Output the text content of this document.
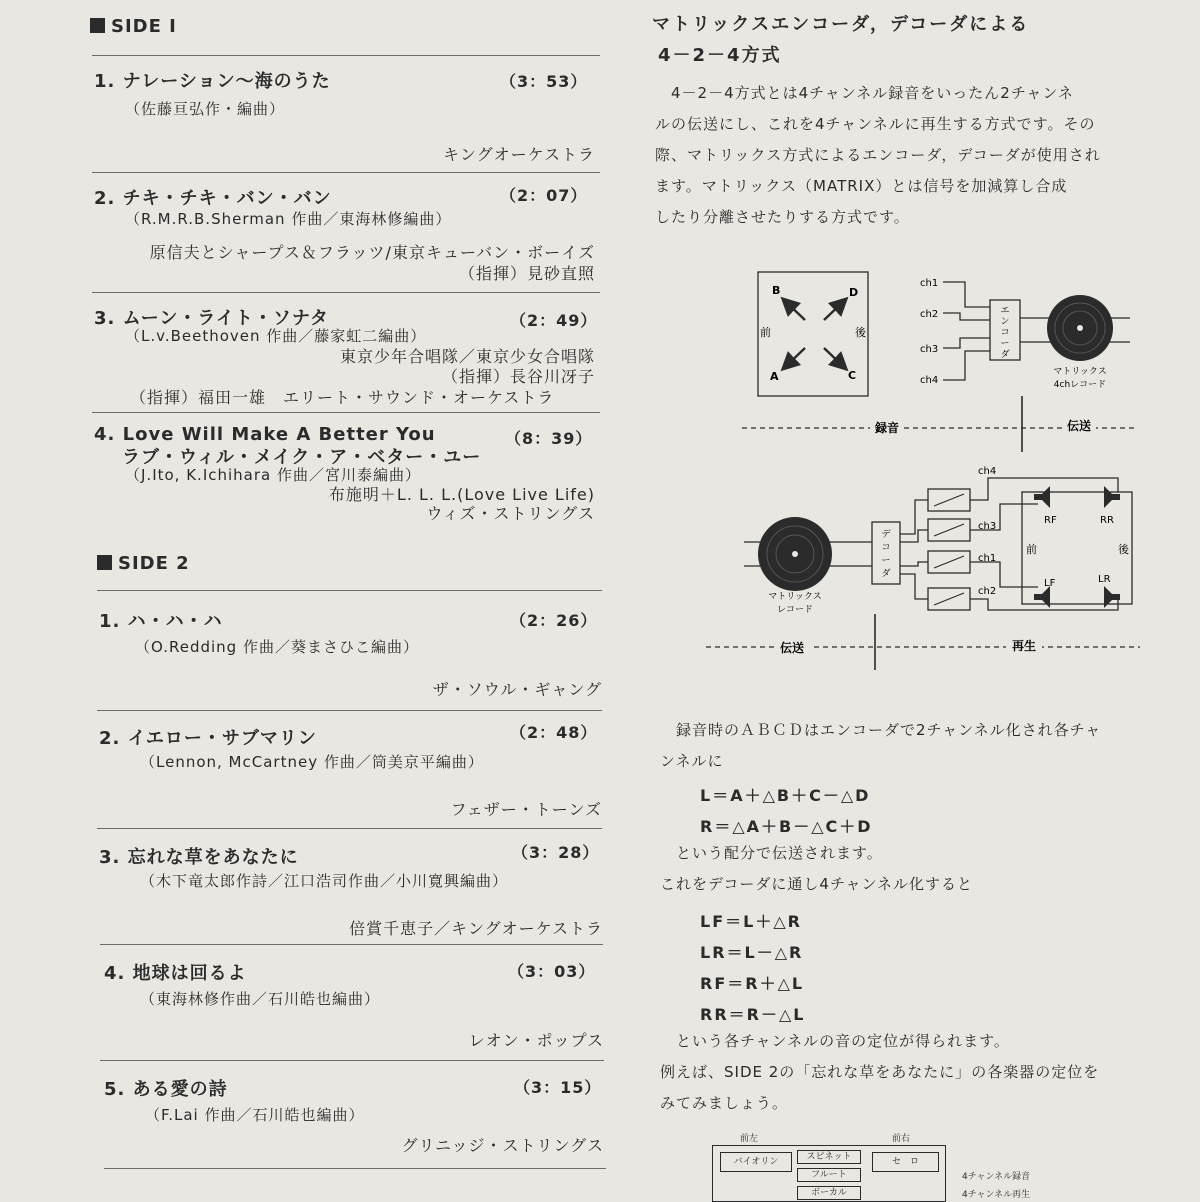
SIDE Ⅰ
1. ナレーション～海のうた	（3：53）
（佐藤亘弘作・編曲）
キングオーケストラ
2. チキ・チキ・バン・バン	（2：07）
（R.M.R.B.Sherman 作曲／東海林修編曲）
原信夫とシャープス＆フラッツ/東京キューバン・ボーイズ
（指揮）見砂直照
3. ムーン・ライト・ソナタ	（2：49）
（L.v.Beethoven 作曲／藤家虹二編曲）
東京少年合唱隊／東京少女合唱隊
（指揮）長谷川冴子
（指揮）福田一雄　エリート・サウンド・オーケストラ
4. Love Will Make A Better You	（8：39）
ラブ・ウィル・メイク・ア・ベター・ユー
（J.Ito, K.Ichihara 作曲／宮川泰編曲）
布施明＋L. L. L.(Love Live Life)
ウィズ・ストリングス
SIDE 2
1. ハ・ハ・ハ	（2：26）
（O.Redding 作曲／葵まさひこ編曲）
ザ・ソウル・ギャング
2. イエロー・サブマリン	（2：48）
（Lennon, McCartney 作曲／筒美京平編曲）
フェザー・トーンズ
3. 忘れな草をあなたに	（3：28）
（木下竜太郎作詩／江口浩司作曲／小川寛興編曲）
倍賞千恵子／キングオーケストラ
4. 地球は回るよ	（3：03）
（東海林修作曲／石川皓也編曲）
レオン・ポップス
5. ある愛の詩	（3：15）
（F.Lai 作曲／石川皓也編曲）
グリニッジ・ストリングス
マトリックスエンコーダ，デコーダによる
4－2－4方式
　4－2－4方式とは4チャンネル録音をいったん2チャンネ
ルの伝送にし、これを4チャンネルに再生する方式です。その
際、マトリックス方式によるエンコーダ，デコーダが使用され
ます。マトリックス（MATRIX）とは信号を加減算し合成
したり分離させたりする方式です。
B	D
A	C
前	後
ch1
ch2
ch3
ch4
エ
ン
コ
ー
ダ
マトリックス
4chレコード
録音	伝送
マトリックス
レコード
デ
コ
ー
ダ
ch4
ch3
ch1
ch2
RF	RR
LF	LR
前	後
伝送	再生
　録音時のＡＢＣＤはエンコーダで2チャンネル化され各チャ
ンネルに
L＝A＋△B＋C－△D
R＝△A＋B－△C＋D
　という配分で伝送されます。
これをデコーダに通し4チャンネル化すると
LF＝L＋△R
LR＝L－△R
RF＝R＋△L
RR＝R－△L
　という各チャンネルの音の定位が得られます。
例えば、SIDE 2の「忘れな草をあなたに」の各楽器の定位を
みてみましょう。
前左	前右
バイオリン	スピネット
フルート
ボーカル
セ　ロ
4チャンネル録音
4チャンネル再生
